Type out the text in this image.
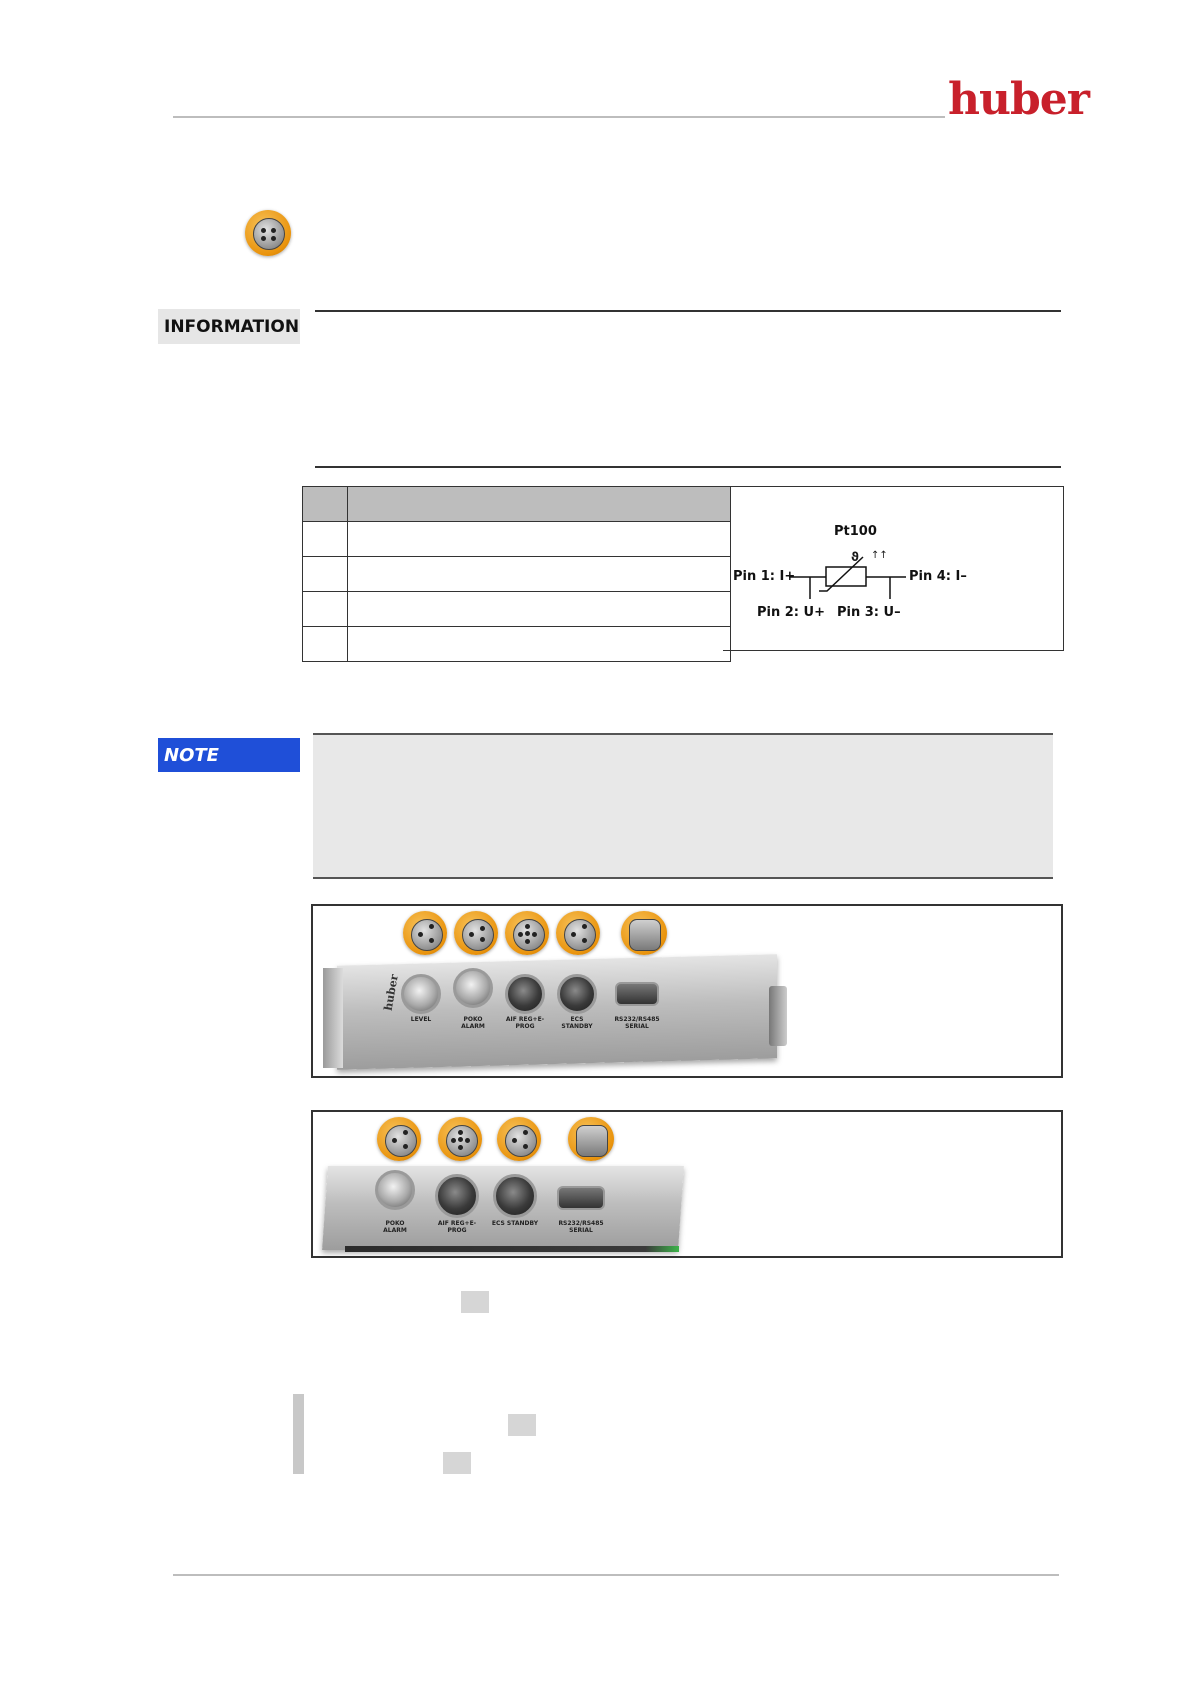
huber
INFORMATION

Pt100
Pin 1: I+	Pin 4: I–
Pin 2: U+ Pin 3: U–
ϑ ↑↑
NOTE
huber
LEVEL	POKO ALARM
AIF REG+E-PROG
ECS STANDBY
RS232/RS485 SERIAL
POKO ALARM
AIF REG+E-PROG
ECS STANDBY	RS232/RS485 SERIAL
